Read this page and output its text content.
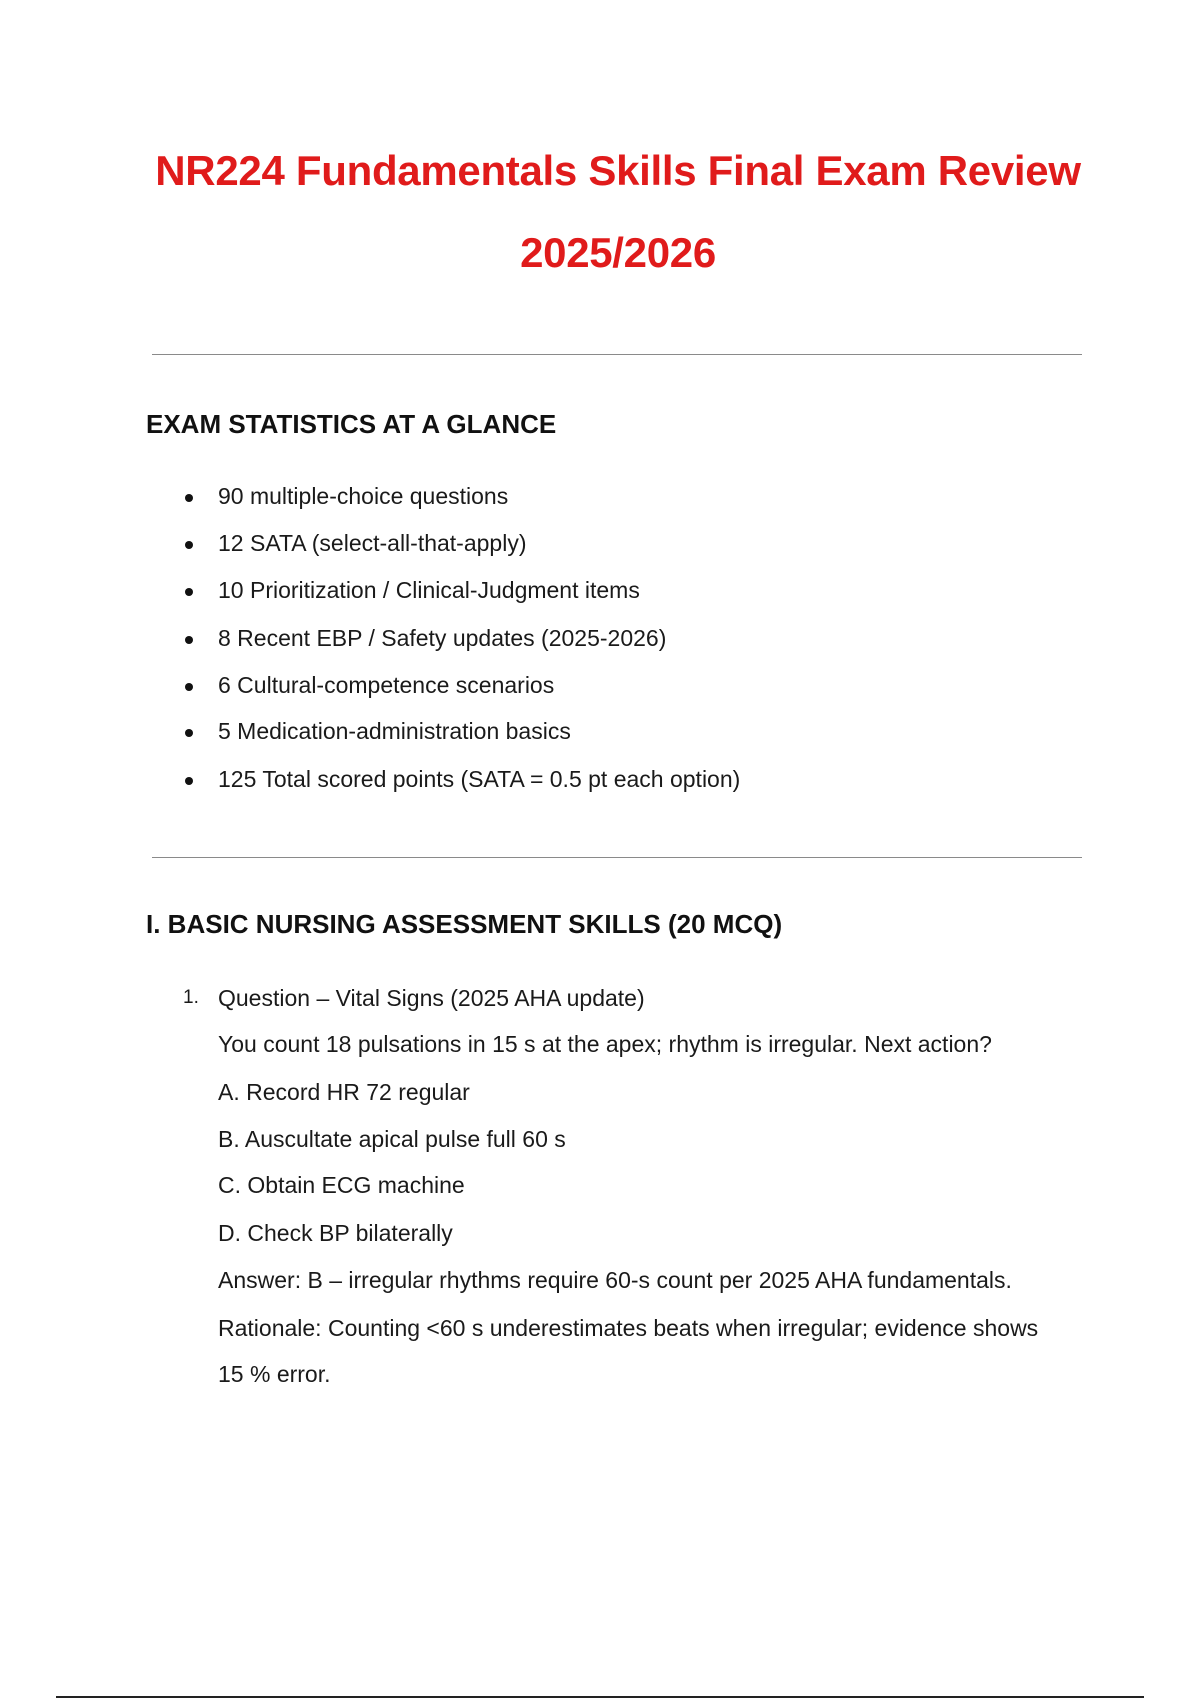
NR224 Fundamentals Skills Final Exam Review
2025/2026
EXAM STATISTICS AT A GLANCE
90 multiple-choice questions
12 SATA (select-all-that-apply)
10 Prioritization / Clinical-Judgment items
8 Recent EBP / Safety updates (2025-2026)
6 Cultural-competence scenarios
5 Medication-administration basics
125 Total scored points (SATA = 0.5 pt each option)
I. BASIC NURSING ASSESSMENT SKILLS (20 MCQ)
1. Question – Vital Signs (2025 AHA update)
You count 18 pulsations in 15 s at the apex; rhythm is irregular. Next action?
A. Record HR 72 regular
B. Auscultate apical pulse full 60 s
C. Obtain ECG machine
D. Check BP bilaterally
Answer: B – irregular rhythms require 60-s count per 2025 AHA fundamentals.
Rationale: Counting <60 s underestimates beats when irregular; evidence shows
15 % error.
